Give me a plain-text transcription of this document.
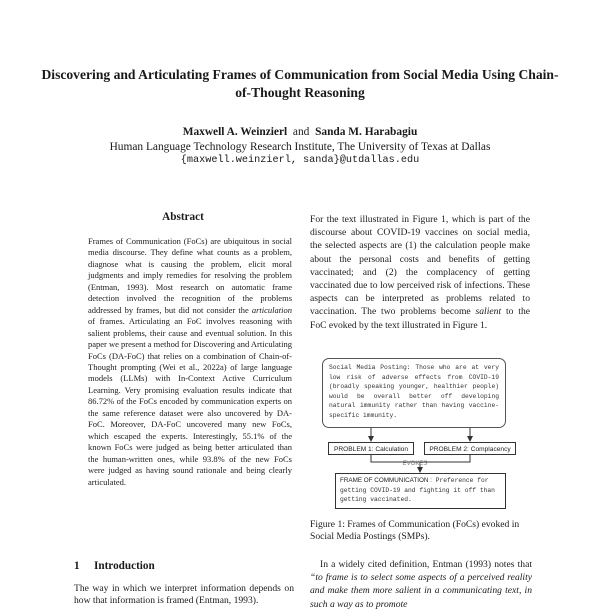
Discovering and Articulating Frames of Communication from Social Media Using Chain-of-Thought Reasoning
Maxwell A. Weinzierl and Sanda M. Harabagiu
Human Language Technology Research Institute, The University of Texas at Dallas
{maxwell.weinzierl, sanda}@utdallas.edu
Abstract

Frames of Communication (FoCs) are ubiquitous in social media discourse. They define what counts as a problem, diagnose what is causing the problem, elicit moral judgments and imply remedies for resolving the problem (Entman, 1993). Most research on automatic frame detection involved the recognition of the problems addressed by frames, but did not consider the articulation of frames. Articulating an FoC involves reasoning with salient problems, their cause and eventual solution. In this paper we present a method for Discovering and Articulating FoCs (DA-FoC) that relies on a combination of Chain-of-Thought prompting (Wei et al., 2022a) of large language models (LLMs) with In-Context Active Curriculum Learning. Very promising evaluation results indicate that 86.72% of the FoCs encoded by communication experts on the same reference dataset were also uncovered by DA-FoC. Moreover, DA-FoC uncovered many new FoCs, which escaped the experts. Interestingly, 55.1% of the known FoCs were judged as being better articulated than the human-written ones, while 93.8% of the new FoCs were judged as having sound rationale and being clearly articulated.

1 Introduction
The way in which we interpret information depends on how that information is framed (Entman, 1993).

For the text illustrated in Figure 1, which is part of the discourse about COVID-19 vaccines on social media, the selected aspects are (1) the calculation people make about the personal costs and benefits of getting vaccinated; and (2) the complacency of getting vaccinated due to low perceived risk of infections. These aspects can be interpreted as problems related to vaccination. The two problems become salient to the FoC evoked by the text illustrated in Figure 1.

Social Media Posting: Those who are at very low risk of adverse effects from COVID-19 (broadly speaking younger, healthier people) would be overall better off developing natural immunity rather than having vaccine-specific immunity.
PROBLEM 1: Calculation	PROBLEM 2: Complacency
EVOKES
FRAME OF COMMUNICATION : Preference for getting COVID-19 and fighting it off than getting vaccinated.
Figure 1: Frames of Communication (FoCs) evoked in Social Media Postings (SMPs).
In a widely cited definition, Entman (1993) notes that “to frame is to select some aspects of a perceived reality and make them more salient in a communicating text, in such a way as to promote
